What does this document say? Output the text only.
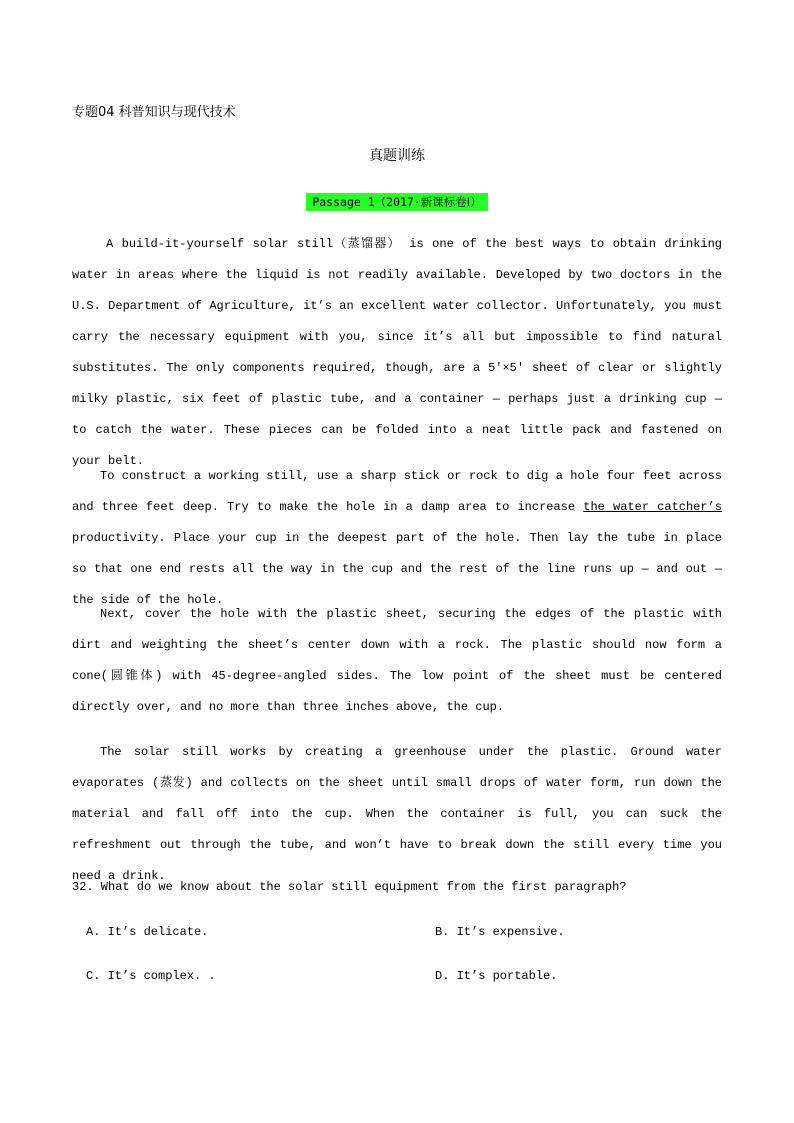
专题04 科普知识与现代技术
真题训练
Passage 1（2017·新课标卷Ⅰ）

A build-it-yourself solar still（蒸馏器） is one of the best ways to obtain drinking water in areas where the liquid is not readily available. Developed by two doctors in the U.S. Department of Agriculture, it’s an excellent water collector. Unfortunately, you must carry the necessary equipment with you, since it’s all but impossible to find natural substitutes. The only components required, though, are a 5′×5′ sheet of clear or slightly milky plastic, six feet of plastic tube, and a container — perhaps just a drinking cup — to catch the water. These pieces can be folded into a neat little pack and fastened on your belt.

To construct a working still, use a sharp stick or rock to dig a hole four feet across and three feet deep. Try to make the hole in a damp area to increase the water catcher’s productivity. Place your cup in the deepest part of the hole. Then lay the tube in place so that one end rests all the way in the cup and the rest of the line runs up — and out — the side of the hole.

Next, cover the hole with the plastic sheet, securing the edges of the plastic with dirt and weighting the sheet’s center down with a rock. The plastic should now form a cone(圆锥体) with 45-degree-angled sides. The low point of the sheet must be centered directly over, and no more than three inches above, the cup.

The solar still works by creating a greenhouse under the plastic. Ground water evaporates (蒸发) and collects on the sheet until small drops of water form, run down the material and fall off into the cup. When the container is full, you can suck the refreshment out through the tube, and won’t have to break down the still every time you need a drink.

32. What do we know about the solar still equipment from the first paragraph?
A. It’s delicate.	B. It’s expensive.
C. It’s complex. .	D. It’s portable.
